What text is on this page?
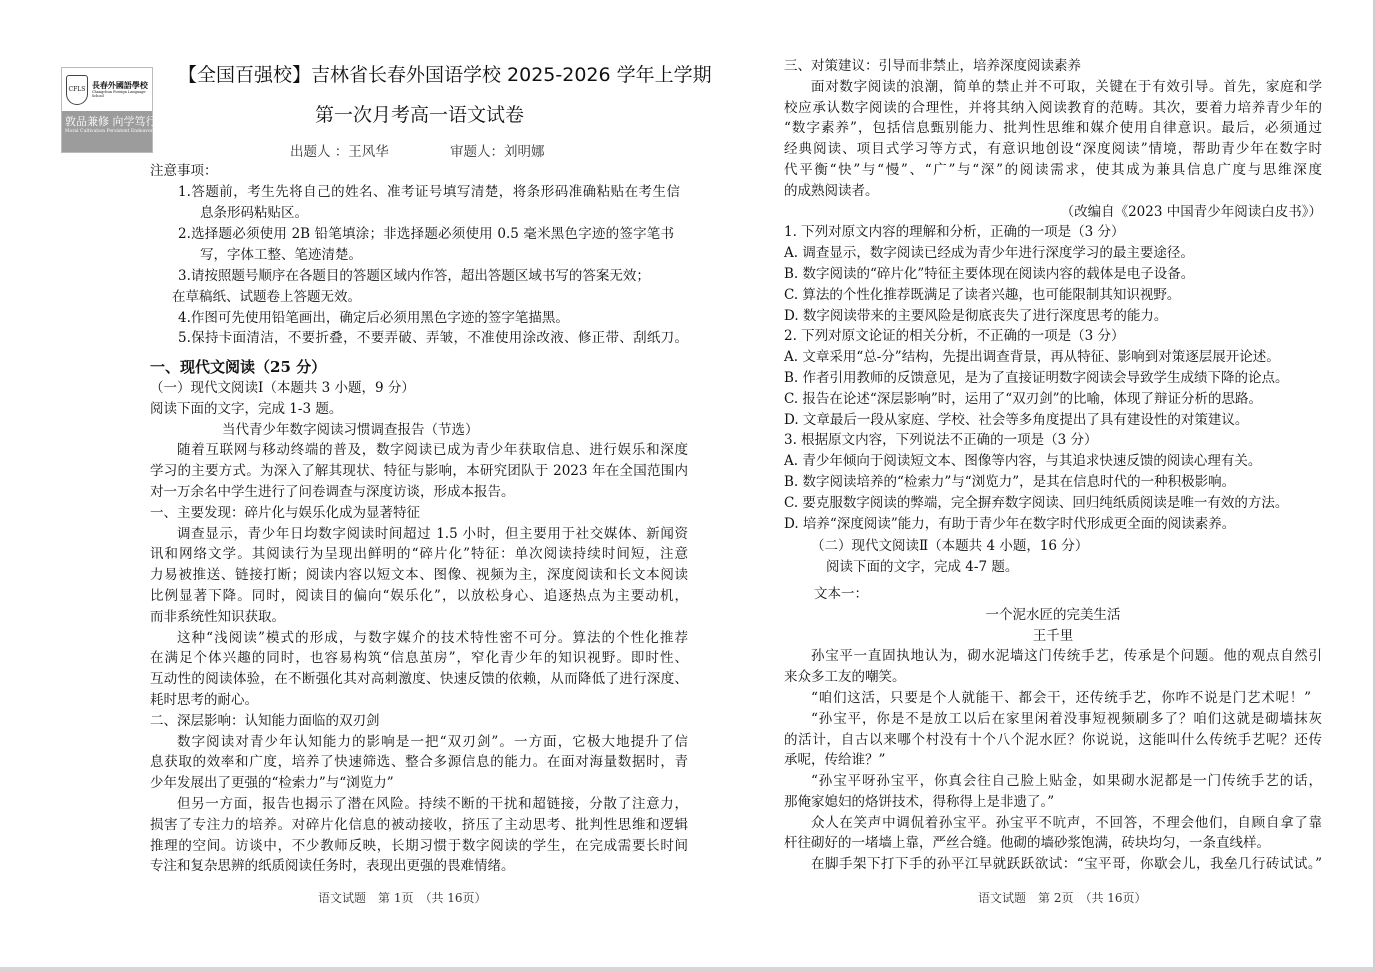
CFLS 長春外國語學校
Changchun Foreign Language School
敦品兼修 向学笃行
Moral Cultivation Persistent Endeavor
【全国百强校】吉林省长春外国语学校 2025-2026 学年上学期
第一次月考高一语文试卷
出题人 ：王风华	审题人：刘明娜
注意事项：
1.答题前，考生先将自己的姓名、准考证号填写清楚，将条形码准确粘贴在考生信
息条形码粘贴区。
2.选择题必须使用 2B 铅笔填涂；非选择题必须使用 0.5 毫米黑色字迹的签字笔书
写，字体工整、笔迹清楚。
3.请按照题号顺序在各题目的答题区域内作答，超出答题区域书写的答案无效；
在草稿纸、试题卷上答题无效。
4.作图可先使用铅笔画出，确定后必须用黑色字迹的签字笔描黑。
5.保持卡面清洁，不要折叠，不要弄破、弄皱，不准使用涂改液、修正带、刮纸刀。
一、现代文阅读（25 分）
（一）现代文阅读Ⅰ（本题共 3 小题，9 分）
阅读下面的文字，完成 1-3 题。
当代青少年数字阅读习惯调查报告（节选）
随着互联网与移动终端的普及，数字阅读已成为青少年获取信息、进行娱乐和深度
学习的主要方式。为深入了解其现状、特征与影响，本研究团队于 2023 年在全国范围内
对一万余名中学生进行了问卷调查与深度访谈，形成本报告。
一、主要发现：碎片化与娱乐化成为显著特征
调查显示，青少年日均数字阅读时间超过 1.5 小时，但主要用于社交媒体、新闻资
讯和网络文学。其阅读行为呈现出鲜明的“碎片化”特征：单次阅读持续时间短，注意
力易被推送、链接打断；阅读内容以短文本、图像、视频为主，深度阅读和长文本阅读
比例显著下降。同时，阅读目的偏向“娱乐化”，以放松身心、追逐热点为主要动机，
而非系统性知识获取。
这种“浅阅读”模式的形成，与数字媒介的技术特性密不可分。算法的个性化推荐
在满足个体兴趣的同时，也容易构筑“信息茧房”，窄化青少年的知识视野。即时性、
互动性的阅读体验，在不断强化其对高刺激度、快速反馈的依赖，从而降低了进行深度、
耗时思考的耐心。
二、深层影响：认知能力面临的双刃剑
数字阅读对青少年认知能力的影响是一把“双刃剑”。一方面，它极大地提升了信
息获取的效率和广度，培养了快速筛选、整合多源信息的能力。在面对海量数据时，青
少年发展出了更强的“检索力”与“浏览力”
但另一方面，报告也揭示了潜在风险。持续不断的干扰和超链接，分散了注意力，
损害了专注力的培养。对碎片化信息的被动接收，挤压了主动思考、批判性思维和逻辑
推理的空间。访谈中，不少教师反映，长期习惯于数字阅读的学生，在完成需要长时间
专注和复杂思辨的纸质阅读任务时，表现出更强的畏难情绪。
三、对策建议：引导而非禁止，培养深度阅读素养
面对数字阅读的浪潮，简单的禁止并不可取，关键在于有效引导。首先，家庭和学
校应承认数字阅读的合理性，并将其纳入阅读教育的范畴。其次，要着力培养青少年的
“数字素养”，包括信息甄别能力、批判性思维和媒介使用自律意识。最后，必须通过
经典阅读、项目式学习等方式，有意识地创设“深度阅读”情境，帮助青少年在数字时
代平衡“快”与“慢”、“广”与“深”的阅读需求，使其成为兼具信息广度与思维深度
的成熟阅读者。
（改编自《2023 中国青少年阅读白皮书》）
1. 下列对原文内容的理解和分析，正确的一项是（3 分）
A. 调查显示，数字阅读已经成为青少年进行深度学习的最主要途径。
B. 数字阅读的“碎片化”特征主要体现在阅读内容的载体是电子设备。
C. 算法的个性化推荐既满足了读者兴趣，也可能限制其知识视野。
D. 数字阅读带来的主要风险是彻底丧失了进行深度思考的能力。
2. 下列对原文论证的相关分析，不正确的一项是（3 分）
A. 文章采用“总-分”结构，先提出调查背景，再从特征、影响到对策逐层展开论述。
B. 作者引用教师的反馈意见，是为了直接证明数字阅读会导致学生成绩下降的论点。
C. 报告在论述“深层影响”时，运用了“双刃剑”的比喻，体现了辩证分析的思路。
D. 文章最后一段从家庭、学校、社会等多角度提出了具有建设性的对策建议。
3. 根据原文内容，下列说法不正确的一项是（3 分）
A. 青少年倾向于阅读短文本、图像等内容，与其追求快速反馈的阅读心理有关。
B. 数字阅读培养的“检索力”与“浏览力”，是其在信息时代的一种积极影响。
C. 要克服数字阅读的弊端，完全摒弃数字阅读、回归纯纸质阅读是唯一有效的方法。
D. 培养“深度阅读”能力，有助于青少年在数字时代形成更全面的阅读素养。
（二）现代文阅读Ⅱ（本题共 4 小题，16 分）
阅读下面的文字，完成 4-7 题。
文本一：
一个泥水匠的完美生活
王千里
孙宝平一直固执地认为，砌水泥墙这门传统手艺，传承是个问题。他的观点自然引
来众多工友的嘲笑。
“咱们这活，只要是个人就能干、都会干，还传统手艺，你咋不说是门艺术呢！”
“孙宝平，你是不是放工以后在家里闲着没事短视频刷多了？咱们这就是砌墙抹灰
的活计，自古以来哪个村没有十个八个泥水匠？你说说，这能叫什么传统手艺呢？还传
承呢，传给谁？”
“孙宝平呀孙宝平，你真会往自己脸上贴金，如果砌水泥都是一门传统手艺的话，
那俺家媳妇的烙饼技术，得称得上是非遗了。”
众人在笑声中调侃着孙宝平。孙宝平不吭声，不回答，不理会他们，自顾自拿了靠
杆往砌好的一堵墙上靠，严丝合缝。他砌的墙砂浆饱满，砖块均匀，一条直线样。
在脚手架下打下手的孙平江早就跃跃欲试：“宝平哥，你歇会儿，我垒几行砖试试。”
语文试题　第 1页　（共 16页）	语文试题　第 2页　（共 16页）
